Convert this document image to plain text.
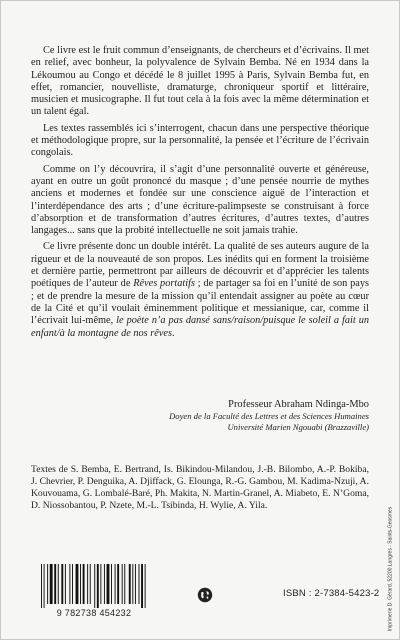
Ce livre est le fruit commun d’enseignants, de chercheurs et d’écrivains. Il met en relief, avec bonheur, la polyvalence de Sylvain Bemba. Né en 1934 dans la Lékoumou au Congo et décédé le 8 juillet 1995 à Paris, Sylvain Bemba fut, en effet, romancier, nouvelliste, dramaturge, chroniqueur sportif et littéraire, musicien et musicographe. Il fut tout cela à la fois avec la même détermination et un talent égal.

Les textes rassemblés ici s’interrogent, chacun dans une perspective théorique et méthodologique propre, sur la personnalité, la pensée et l’écriture de l’écrivain congolais.

Comme on l’y découvrira, il s’agit d’une personnalité ouverte et généreuse, ayant en outre un goût prononcé du masque ; d’une pensée nourrie de mythes anciens et modernes et fondée sur une conscience aiguë de l’interaction et l’interdépendance des arts ; d’une écriture-palimpseste se construisant à force d’absorption et de transformation d’autres écritures, d’autres textes, d’autres langages... sans que la probité intellectuelle ne soit jamais trahie.

Ce livre présente donc un double intérêt. La qualité de ses auteurs augure de la rigueur et de la nouveauté de son propos. Les inédits qui en forment la troisième et dernière partie, permettront par ailleurs de découvrir et d’apprécier les talents poétiques de l’auteur de Rêves portatifs ; de partager sa foi en l’unité de son pays ; et de prendre la mesure de la mission qu’il entendait assigner au poète au cœur de la Cité et qu’il voulait éminemment politique et messianique, car, comme il l’écrivait lui-même, le poète n’a pas dansé sans/raison/puisque le soleil a fait un enfant/à la montagne de nos rêves.

Professeur Abraham Ndinga-Mbo
Doyen de la Faculté des Lettres et des Sciences Humaines
Université Marien Ngouabi (Brazzaville)

Textes de S. Bemba, E. Bertrand, Is. Bikindou-Milandou, J.-B. Bilombo, A.-P. Bokiba, J. Chevrier, P. Denguika, A. Djiffack, G. Elounga, R.-G. Gambou, M. Kadima-Nzuji, A. Kouvouama, G. Lombalé-Baré, Ph. Makita, N. Martin-Granel, A. Miabeto, E. N’Goma, D. Niossobantou, P. Nzete, M.-L. Tsibinda, H. Wylie, A. Yila.

Imprimerie D. Gérard, 52200 Langres - Saints-Geosmes
9 782738 454232
ISBN : 2-7384-5423-2
